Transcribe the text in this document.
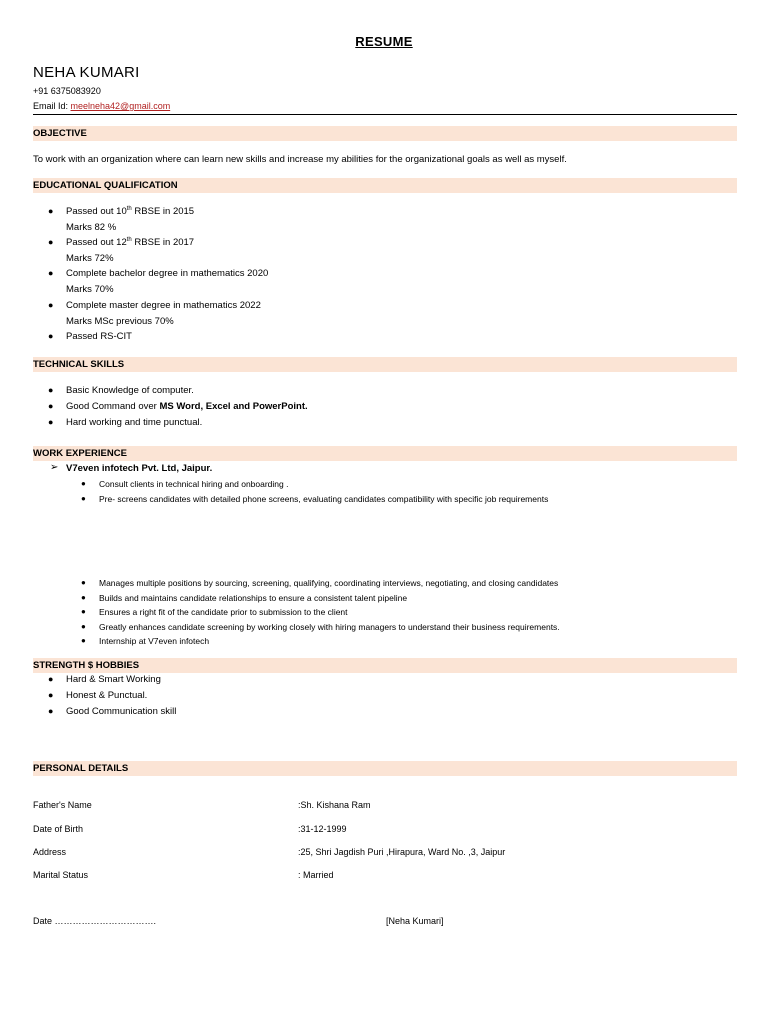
RESUME
NEHA KUMARI
+91 6375083920
Email Id: meelneha42@gmail.com
OBJECTIVE
To work with an organization where can learn new skills and increase my abilities for the organizational goals as well as myself.
EDUCATIONAL QUALIFICATION
● Passed out 10th RBSE in 2015
Marks 82 %
● Passed out 12th RBSE in 2017
Marks 72%
● Complete bachelor degree in mathematics 2020
Marks 70%
● Complete master degree in mathematics 2022
Marks MSc previous 70%
● Passed RS-CIT
TECHNICAL SKILLS
● Basic Knowledge of computer.
● Good Command over MS Word, Excel and PowerPoint.
● Hard working and time punctual.
WORK EXPERIENCE
➢ V7even infotech Pvt. Ltd, Jaipur.
● Consult clients in technical hiring and onboarding .
● Pre- screens candidates with detailed phone screens, evaluating candidates compatibility with specific job requirements
● Manages multiple positions by sourcing, screening, qualifying, coordinating interviews, negotiating, and closing candidates
● Builds and maintains candidate relationships to ensure a consistent talent pipeline
● Ensures a right fit of the candidate prior to submission to the client
● Greatly enhances candidate screening by working closely with hiring managers to understand their business requirements.
● Internship at V7even infotech
STRENGTH $ HOBBIES
● Hard & Smart Working
● Honest & Punctual.
● Good Communication skill
PERSONAL DETAILS
Father's Name	:Sh. Kishana Ram
Date of Birth	:31-12-1999
Address	:25, Shri Jagdish Puri ,Hirapura, Ward No. ,3, Jaipur
Marital Status	: Married
Date …………………………….	[Neha Kumari]
